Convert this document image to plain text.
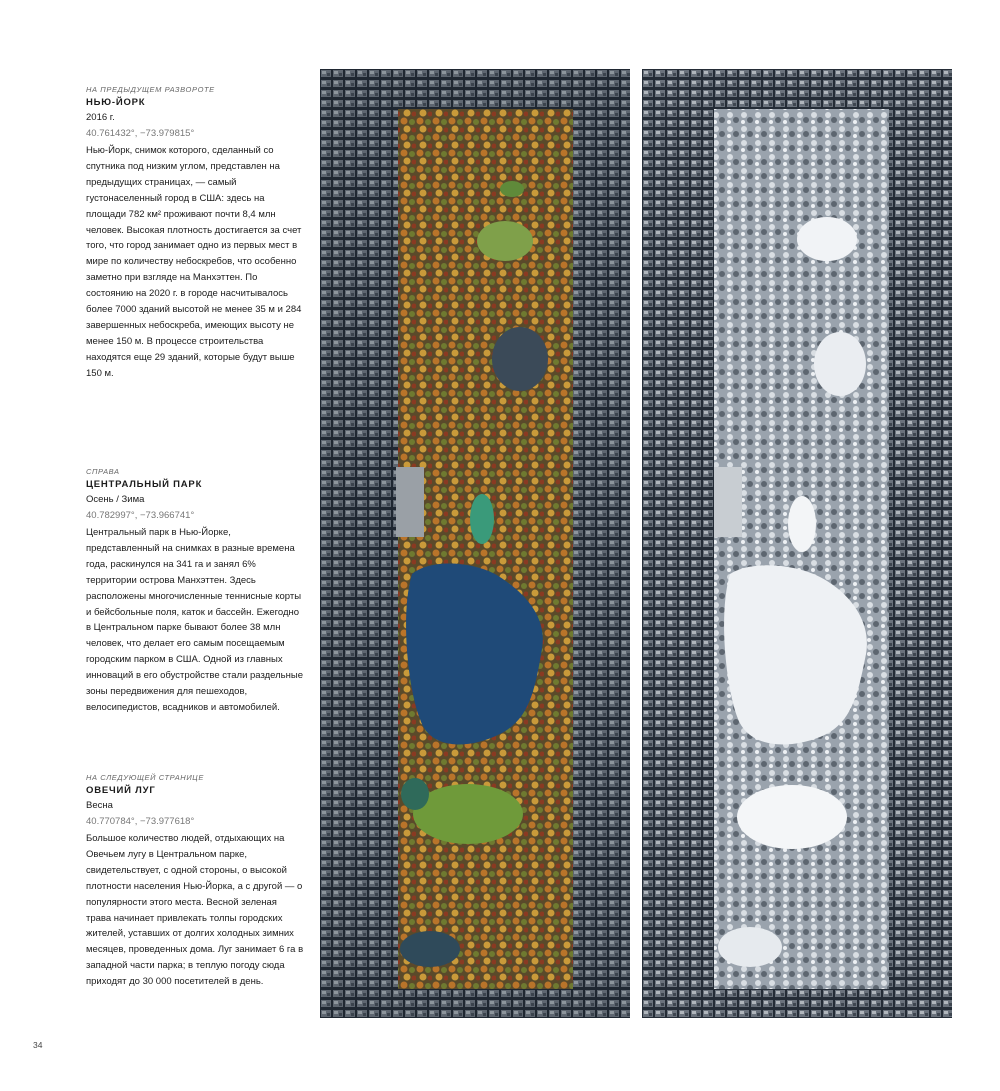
НА ПРЕДЫДУЩЕМ РАЗВОРОТЕ

НЬЮ-ЙОРК

2016 г.

40.761432°, −73.979815°

Нью-Йорк, снимок которого, сделанный со спутника под низким углом, представлен на предыдущих страницах, — самый густонаселенный город в США: здесь на площади 782 км² проживают почти 8,4 млн человек. Высокая плотность достигается за счет того, что город занимает одно из первых мест в мире по количеству небоскребов, что особенно заметно при взгляде на Манхэттен. По состоянию на 2020 г. в городе насчитывалось более 7000 зданий высотой не менее 35 м и 284 завершенных небоскреба, имеющих высоту не менее 150 м. В процессе строительства находятся еще 29 зданий, которые будут выше 150 м.

СПРАВА

ЦЕНТРАЛЬНЫЙ ПАРК

Осень / Зима

40.782997°, −73.966741°

Центральный парк в Нью-Йорке, представленный на снимках в разные времена года, раскинулся на 341 га и занял 6% территории острова Манхэттен. Здесь расположены многочисленные теннисные корты и бейсбольные поля, каток и бассейн. Ежегодно в Центральном парке бывают более 38 млн человек, что делает его самым посещаемым городским парком в США. Одной из главных инноваций в его обустройстве стали раздельные зоны передвижения для пешеходов, велосипедистов, всадников и автомобилей.

НА СЛЕДУЮЩЕЙ СТРАНИЦЕ

ОВЕЧИЙ ЛУГ

Весна

40.770784°, −73.977618°

Большое количество людей, отдыхающих на Овечьем лугу в Центральном парке, свидетельствует, с одной стороны, о высокой плотности населения Нью-Йорка, а с другой — о популярности этого места. Весной зеленая трава начинает привлекать толпы городских жителей, уставших от долгих холодных зимних месяцев, проведенных дома. Луг занимает 6 га в западной части парка; в теплую погоду сюда приходят до 30 000 посетителей в день.

34
